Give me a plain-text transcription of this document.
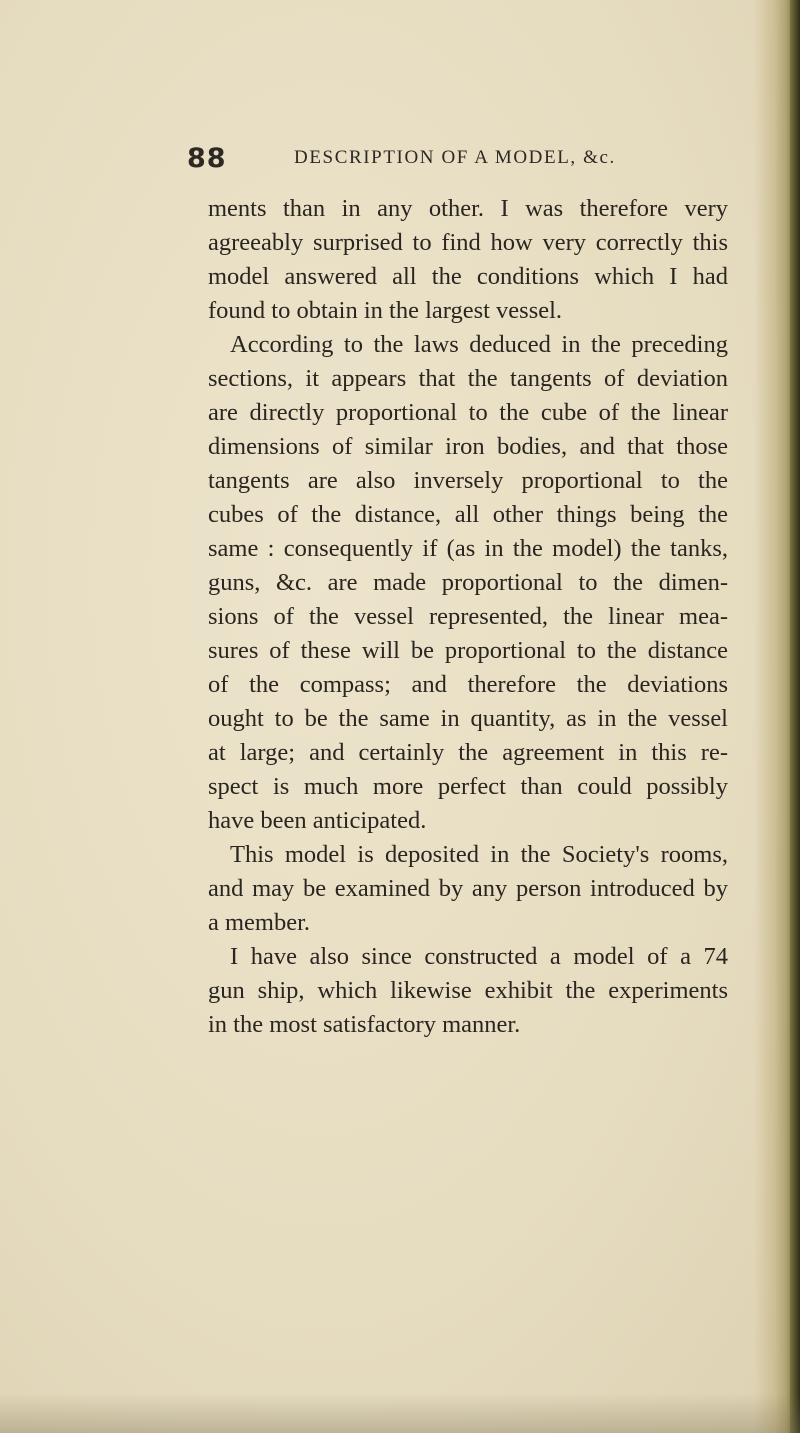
88	DESCRIPTION OF A MODEL, &c.
ments than in any other. I was therefore very
agreeably surprised to find how very correctly this
model answered all the conditions which I had
found to obtain in the largest vessel.
According to the laws deduced in the preceding
sections, it appears that the tangents of deviation
are directly proportional to the cube of the linear
dimensions of similar iron bodies, and that those
tangents are also inversely proportional to the
cubes of the distance, all other things being the
same : consequently if (as in the model) the tanks,
guns, &c. are made proportional to the dimen-
sions of the vessel represented, the linear mea-
sures of these will be proportional to the distance
of the compass; and therefore the deviations
ought to be the same in quantity, as in the vessel
at large; and certainly the agreement in this re-
spect is much more perfect than could possibly
have been anticipated.
This model is deposited in the Society's rooms,
and may be examined by any person introduced by
a member.
I have also since constructed a model of a 74
gun ship, which likewise exhibit the experiments
in the most satisfactory manner.
